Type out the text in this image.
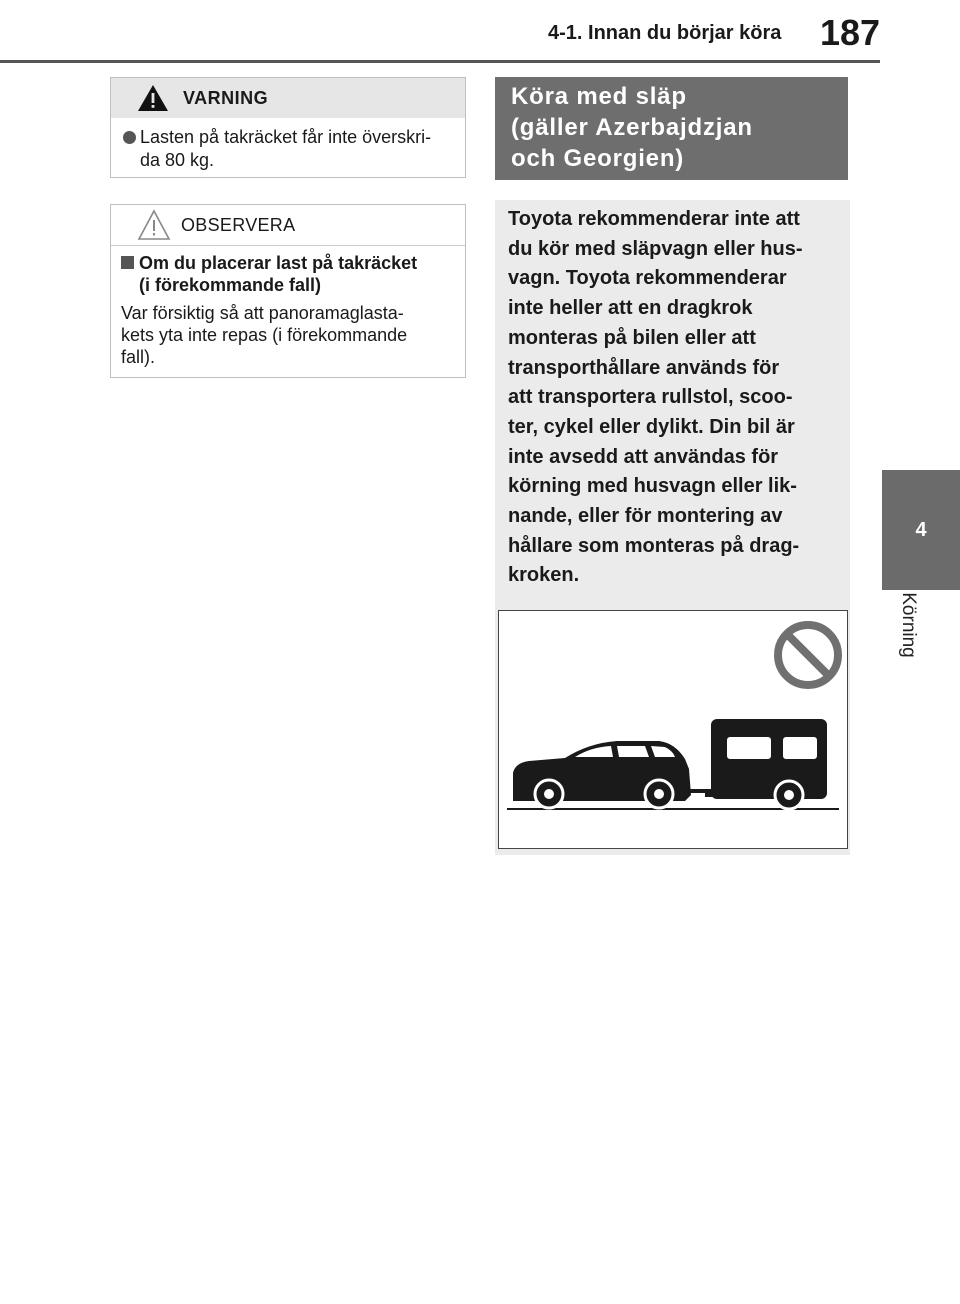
4-1. Innan du börjar köra 187
4
Körning
VARNING
Lasten på takräcket får inte överskri-
da 80 kg.
OBSERVERA
Om du placerar last på takräcket
(i förekommande fall)
Var försiktig så att panoramaglasta-
kets yta inte repas (i förekommande
fall).
Köra med släp
(gäller Azerbajdzjan
och Georgien)
Toyota rekommenderar inte att
du kör med släpvagn eller hus-
vagn. Toyota rekommenderar
inte heller att en dragkrok
monteras på bilen eller att
transporthållare används för
att transportera rullstol, scoo-
ter, cykel eller dylikt. Din bil är
inte avsedd att användas för
körning med husvagn eller lik-
nande, eller för montering av
hållare som monteras på drag-
kroken.
